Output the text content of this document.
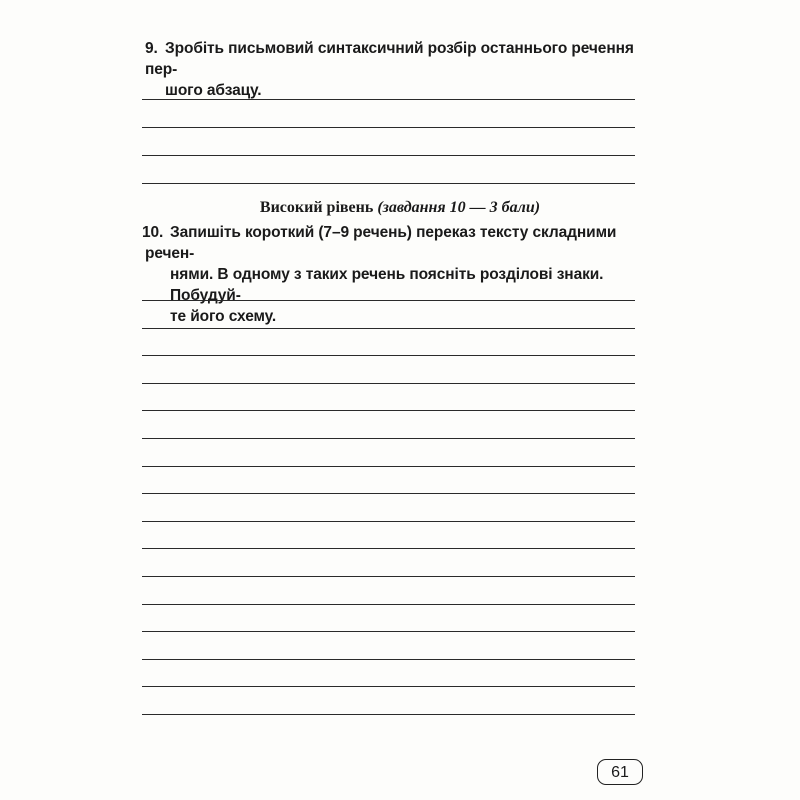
9. Зробіть письмовий синтаксичний розбір останнього речення пер-
шого абзацу.
Високий рівень (завдання 10 — 3 бали)
10. Запишіть короткий (7–9 речень) переказ тексту складними речен-
нями. В одному з таких речень поясніть розділові знаки. Побудуй-
те його схему.
61
